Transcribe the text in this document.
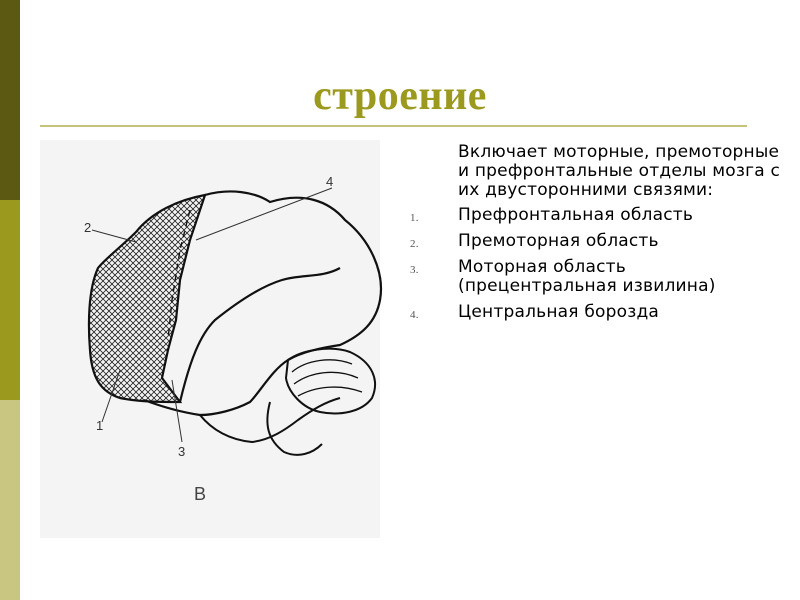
строение
1
2
3
4
B

Включает моторные, премоторные и префронтальные отделы мозга с их двусторонними связями:

1. Префронтальная область
2. Премоторная область
3. Моторная область (прецентральная извилина)
4. Центральная борозда
